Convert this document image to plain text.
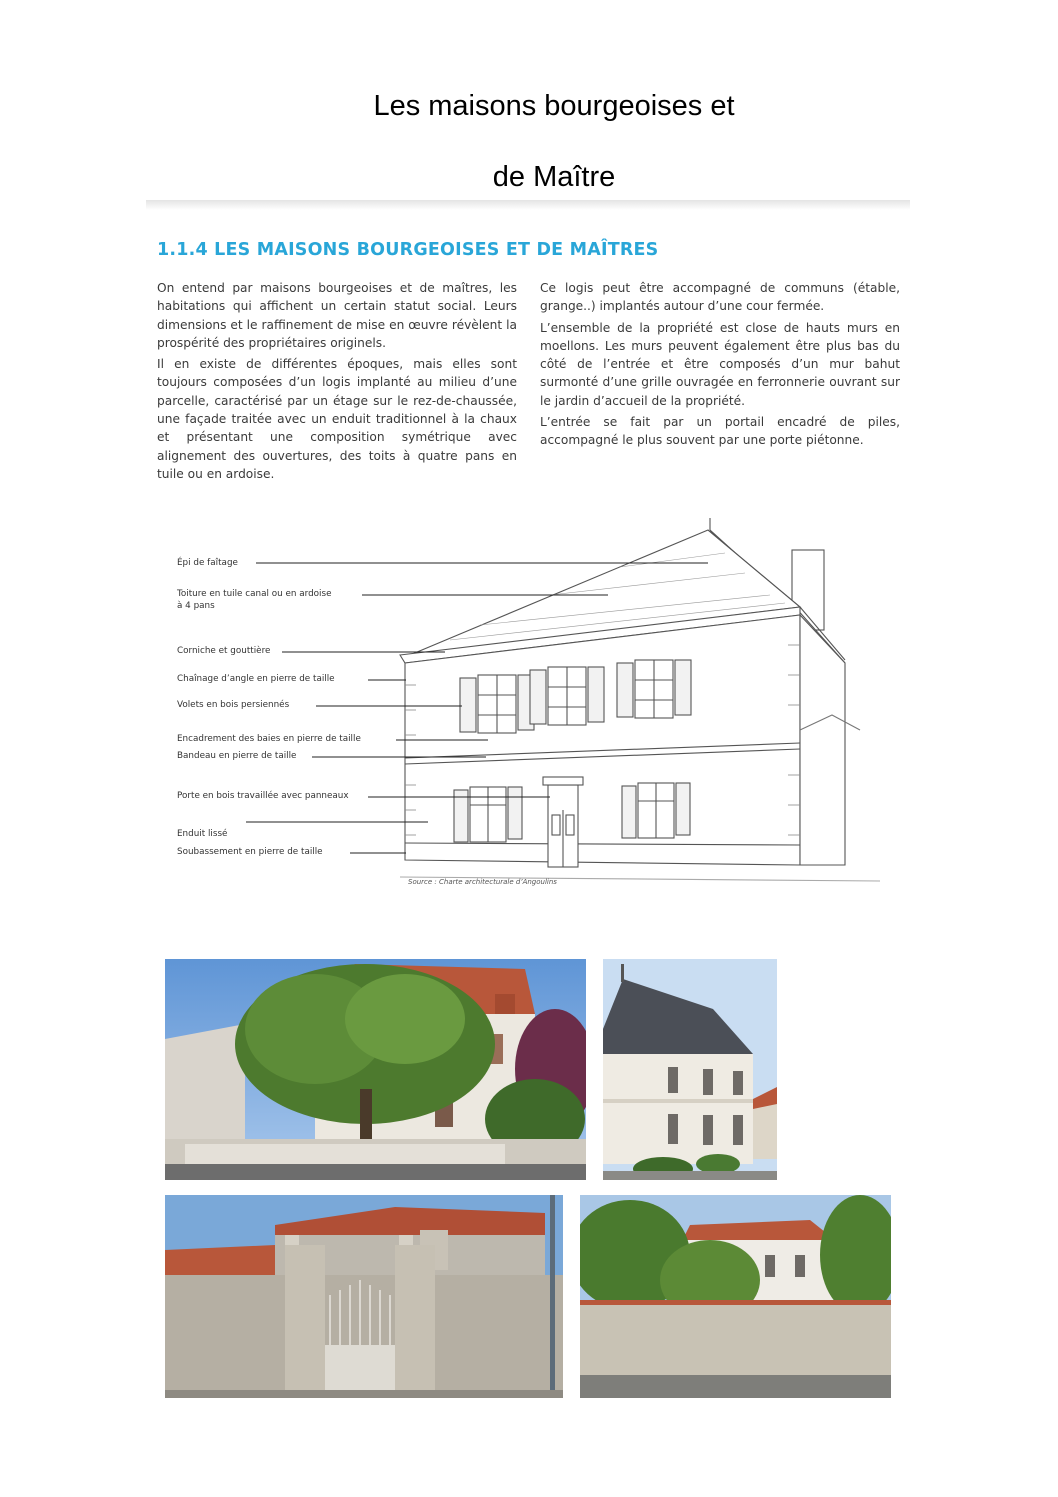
Les maisons bourgeoises et
de Maître
1.1.4 LES MAISONS BOURGEOISES ET DE MAÎTRES

On entend par maisons bourgeoises et de maîtres, les habitations qui affichent un certain statut social. Leurs dimensions et le raffinement de mise en œuvre révèlent la prospérité des propriétaires originels.

Il en existe de différentes époques, mais elles sont toujours composées d’un logis implanté au milieu d’une parcelle, caractérisé par un étage sur le rez-de-chaussée, une façade traitée avec un enduit traditionnel à la chaux et présentant une composition symétrique avec alignement des ouvertures, des toits à quatre pans en tuile ou en ardoise.

Ce logis peut être accompagné de communs (étable, grange..) implantés autour d’une cour fermée.

L’ensemble de la propriété est close de hauts murs en moellons. Les murs peuvent également être plus bas du côté de l’entrée et être composés d’un mur bahut surmonté d’une grille ouvragée en ferronnerie ouvrant sur le jardin d’accueil de la propriété.

L’entrée se fait par un portail encadré de piles, accompagné le plus souvent par une porte piétonne.

Épi de faîtage
Toiture en tuile canal ou en ardoise
à 4 pans
Corniche et gouttière
Chaînage d’angle en pierre de taille
Volets en bois persiennés
Encadrement des baies en pierre de taille
Bandeau en pierre de taille
Porte en bois travaillée avec panneaux
Enduit lissé
Soubassement en pierre de taille
Source : Charte architecturale d’Angoulins
